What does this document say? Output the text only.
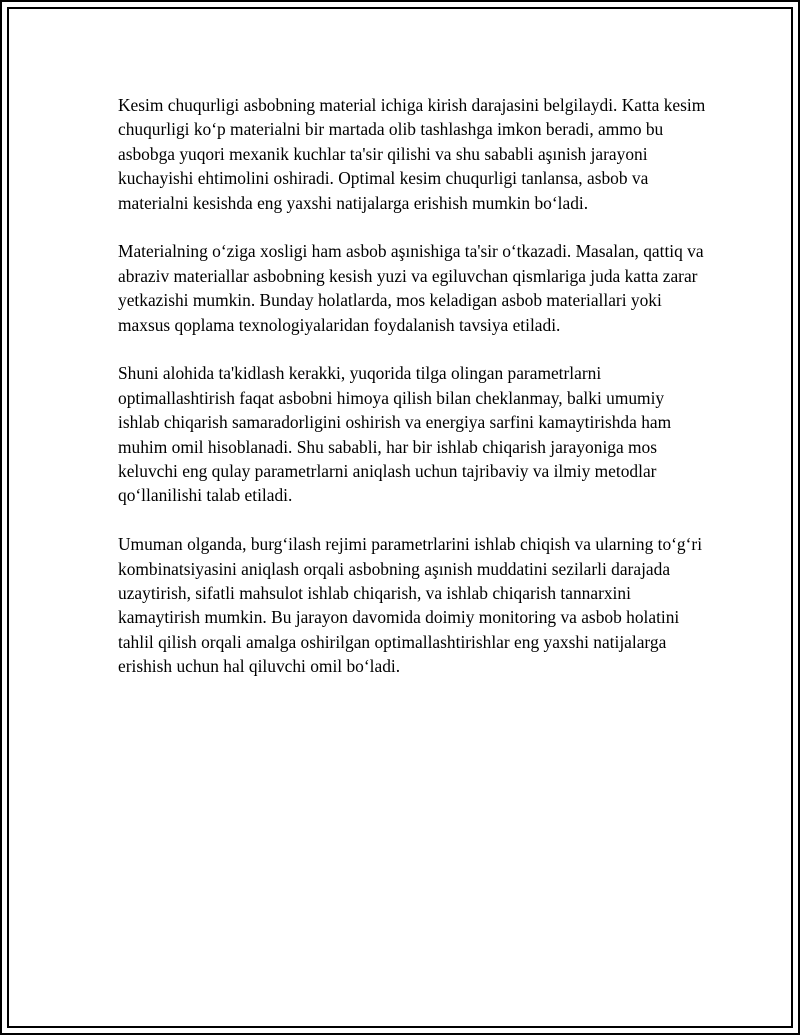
Kesim chuqurligi asbobning material ichiga kirish darajasini belgilaydi. Katta kesim chuqurligi ko‘p materialni bir martada olib tashlashga imkon beradi, ammo bu asbobga yuqori mexanik kuchlar ta'sir qilishi va shu sababli aşınish jarayoni kuchayishi ehtimolini oshiradi. Optimal kesim chuqurligi tanlansa, asbob va materialni kesishda eng yaxshi natijalarga erishish mumkin bo‘ladi.

Materialning o‘ziga xosligi ham asbob aşınishiga ta'sir o‘tkazadi. Masalan, qattiq va abraziv materiallar asbobning kesish yuzi va egiluvchan qismlariga juda katta zarar yetkazishi mumkin. Bunday holatlarda, mos keladigan asbob materiallari yoki maxsus qoplama texnologiyalaridan foydalanish tavsiya etiladi.

Shuni alohida ta'kidlash kerakki, yuqorida tilga olingan parametrlarni optimallashtirish faqat asbobni himoya qilish bilan cheklanmay, balki umumiy ishlab chiqarish samaradorligini oshirish va energiya sarfini kamaytirishda ham muhim omil hisoblanadi. Shu sababli, har bir ishlab chiqarish jarayoniga mos keluvchi eng qulay parametrlarni aniqlash uchun tajribaviy va ilmiy metodlar qo‘llanilishi talab etiladi.

Umuman olganda, burg‘ilash rejimi parametrlarini ishlab chiqish va ularning to‘g‘ri kombinatsiyasini aniqlash orqali asbobning aşınish muddatini sezilarli darajada uzaytirish, sifatli mahsulot ishlab chiqarish, va ishlab chiqarish tannarxini kamaytirish mumkin. Bu jarayon davomida doimiy monitoring va asbob holatini tahlil qilish orqali amalga oshirilgan optimallashtirishlar eng yaxshi natijalarga erishish uchun hal qiluvchi omil bo‘ladi.
